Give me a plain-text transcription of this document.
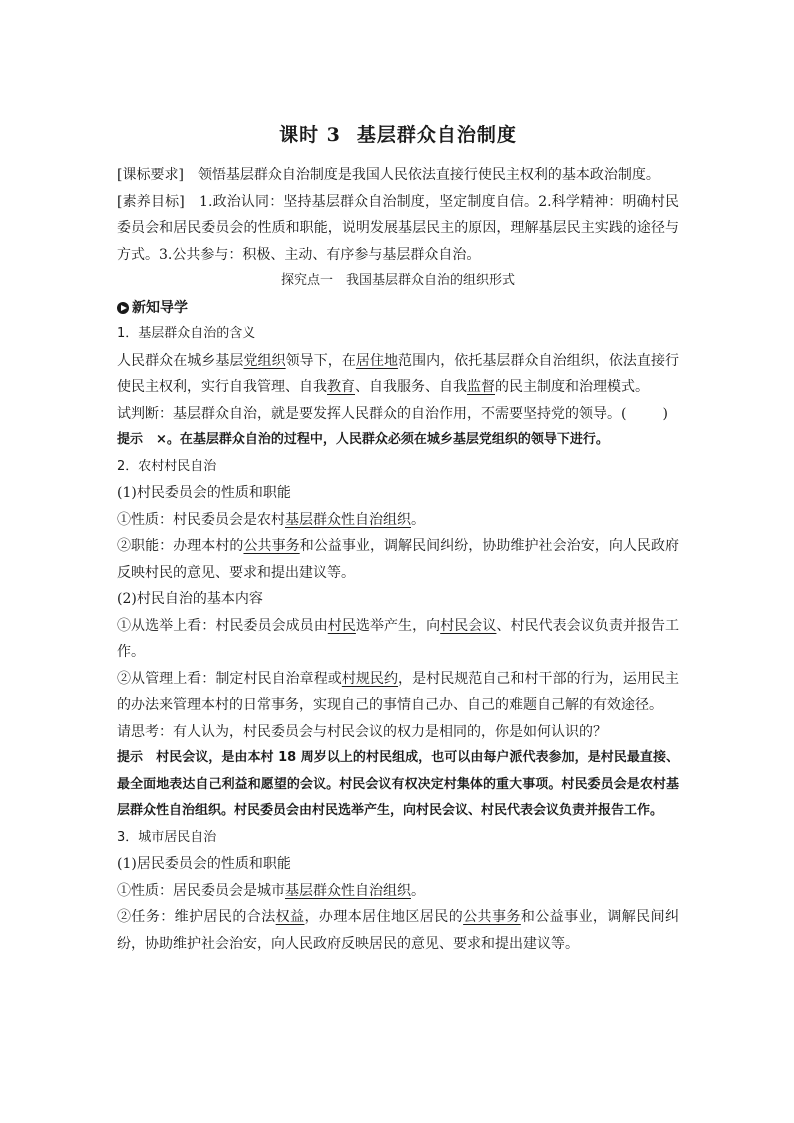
课时 3 基层群众自治制度

[课标要求]　 领悟基层群众自治制度是我国人民依法直接行使民主权利的基本政治制度。

[素养目标]　 1.政治认同：坚持基层群众自治制度，坚定制度自信。2.科学精神：明确村民委员会和居民委员会的性质和职能，说明发展基层民主的原因，理解基层民主实践的途径与方式。3.公共参与：积极、主动、有序参与基层群众自治。

探究点一　我国基层群众自治的组织形式

新知导学

1．基层群众自治的含义

人民群众在城乡基层党组织领导下，在居住地范围内，依托基层群众自治组织，依法直接行使民主权利，实行自我管理、自我教育、自我服务、自我监督的民主制度和治理模式。

试判断：基层群众自治，就是要发挥人民群众的自治作用，不需要坚持党的领导。(	)

提示　×。在基层群众自治的过程中，人民群众必须在城乡基层党组织的领导下进行。

2．农村村民自治

(1)村民委员会的性质和职能

①性质：村民委员会是农村基层群众性自治组织。

②职能：办理本村的公共事务和公益事业，调解民间纠纷，协助维护社会治安，向人民政府反映村民的意见、要求和提出建议等。

(2)村民自治的基本内容

①从选举上看：村民委员会成员由村民选举产生，向村民会议、村民代表会议负责并报告工作。

②从管理上看：制定村民自治章程或村规民约，是村民规范自己和村干部的行为，运用民主的办法来管理本村的日常事务，实现自己的事情自己办、自己的难题自己解的有效途径。

请思考：有人认为，村民委员会与村民会议的权力是相同的，你是如何认识的？

提示　村民会议，是由本村 18 周岁以上的村民组成，也可以由每户派代表参加，是村民最直接、最全面地表达自己利益和愿望的会议。村民会议有权决定村集体的重大事项。村民委员会是农村基层群众性自治组织。村民委员会由村民选举产生，向村民会议、村民代表会议负责并报告工作。

3．城市居民自治

(1)居民委员会的性质和职能

①性质：居民委员会是城市基层群众性自治组织。

②任务：维护居民的合法权益，办理本居住地区居民的公共事务和公益事业，调解民间纠纷，协助维护社会治安，向人民政府反映居民的意见、要求和提出建议等。
